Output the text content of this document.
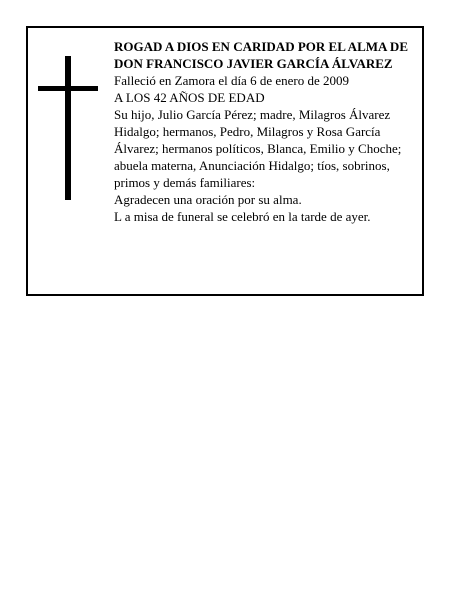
ROGAD A DIOS EN CARIDAD POR EL ALMA DE DON FRANCISCO JAVIER GARCÍA ÁLVAREZ

Falleció en Zamora el día 6 de enero de 2009

A LOS 42 AÑOS DE EDAD

Su hijo, Julio García Pérez; madre, Milagros Álvarez Hidalgo; hermanos, Pedro, Milagros y Rosa García Álvarez; hermanos políticos, Blanca, Emilio y Choche; abuela materna, Anunciación Hidalgo; tíos, sobrinos, primos y demás familiares:

Agradecen una oración por su alma.

L a misa de funeral se celebró en la tarde de ayer.
